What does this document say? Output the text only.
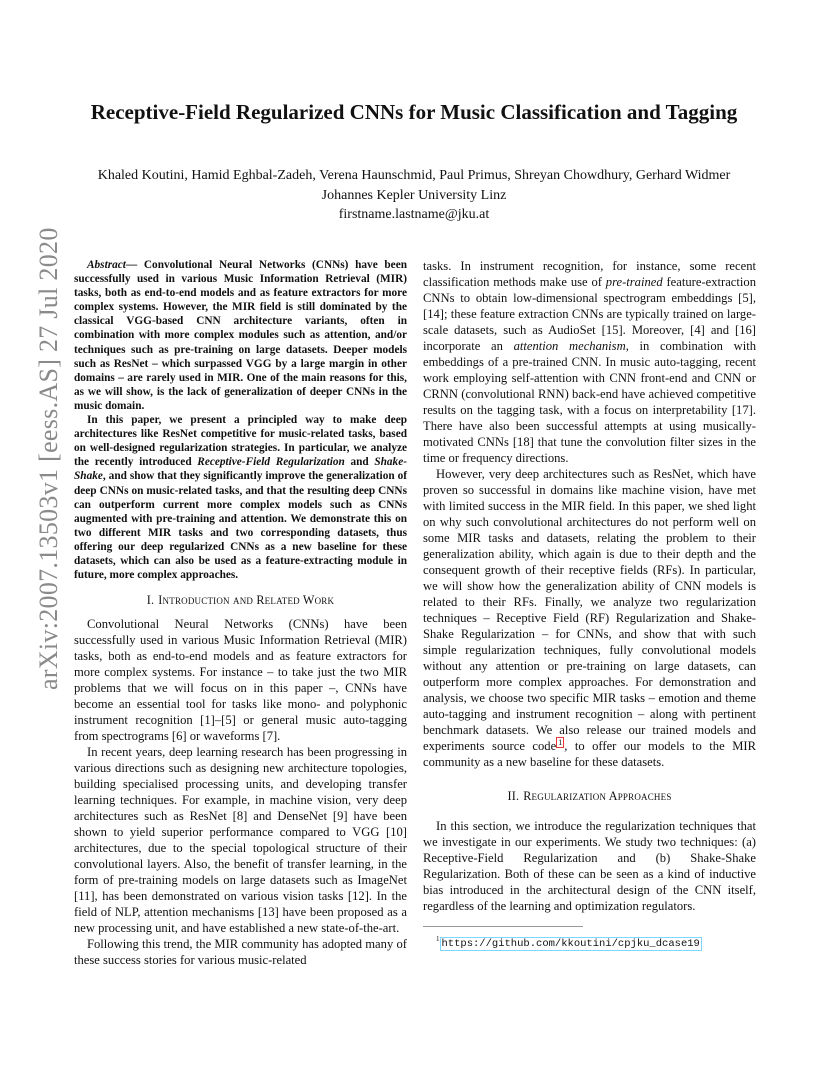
arXiv:2007.13503v1 [eess.AS] 27 Jul 2020
Receptive-Field Regularized CNNs for Music Classification and Tagging
Khaled Koutini, Hamid Eghbal-Zadeh, Verena Haunschmid, Paul Primus, Shreyan Chowdhury, Gerhard Widmer
Johannes Kepler University Linz
firstname.lastname@jku.at

Abstract— Convolutional Neural Networks (CNNs) have been successfully used in various Music Information Retrieval (MIR) tasks, both as end-to-end models and as feature extractors for more complex systems. However, the MIR field is still dominated by the classical VGG-based CNN architecture variants, often in combination with more complex modules such as attention, and/or techniques such as pre-training on large datasets. Deeper models such as ResNet – which surpassed VGG by a large margin in other domains – are rarely used in MIR. One of the main reasons for this, as we will show, is the lack of generalization of deeper CNNs in the music domain.

In this paper, we present a principled way to make deep architectures like ResNet competitive for music-related tasks, based on well-designed regularization strategies. In particular, we analyze the recently introduced Receptive-Field Regularization and Shake-Shake, and show that they significantly improve the generalization of deep CNNs on music-related tasks, and that the resulting deep CNNs can outperform current more complex models such as CNNs augmented with pre-training and attention. We demonstrate this on two different MIR tasks and two corresponding datasets, thus offering our deep regularized CNNs as a new baseline for these datasets, which can also be used as a feature-extracting module in future, more complex approaches.

I. Introduction and Related Work

Convolutional Neural Networks (CNNs) have been successfully used in various Music Information Retrieval (MIR) tasks, both as end-to-end models and as feature extractors for more complex systems. For instance – to take just the two MIR problems that we will focus on in this paper –, CNNs have become an essential tool for tasks like mono- and polyphonic instrument recognition [1]–[5] or general music auto-tagging from spectrograms [6] or waveforms [7].

In recent years, deep learning research has been progressing in various directions such as designing new architecture topologies, building specialised processing units, and developing transfer learning techniques. For example, in machine vision, very deep architectures such as ResNet [8] and DenseNet [9] have been shown to yield superior performance compared to VGG [10] architectures, due to the special topological structure of their convolutional layers. Also, the benefit of transfer learning, in the form of pre-training models on large datasets such as ImageNet [11], has been demonstrated on various vision tasks [12]. In the field of NLP, attention mechanisms [13] have been proposed as a new processing unit, and have established a new state-of-the-art.

Following this trend, the MIR community has adopted many of these success stories for various music-related

tasks. In instrument recognition, for instance, some recent classification methods make use of pre-trained feature-extraction CNNs to obtain low-dimensional spectrogram embeddings [5], [14]; these feature extraction CNNs are typically trained on large-scale datasets, such as AudioSet [15]. Moreover, [4] and [16] incorporate an attention mechanism, in combination with embeddings of a pre-trained CNN. In music auto-tagging, recent work employing self-attention with CNN front-end and CNN or CRNN (convolutional RNN) back-end have achieved competitive results on the tagging task, with a focus on interpretability [17]. There have also been successful attempts at using musically-motivated CNNs [18] that tune the convolution filter sizes in the time or frequency directions.

However, very deep architectures such as ResNet, which have proven so successful in domains like machine vision, have met with limited success in the MIR field. In this paper, we shed light on why such convolutional architectures do not perform well on some MIR tasks and datasets, relating the problem to their generalization ability, which again is due to their depth and the consequent growth of their receptive fields (RFs). In particular, we will show how the generalization ability of CNN models is related to their RFs. Finally, we analyze two regularization techniques – Receptive Field (RF) Regularization and Shake-Shake Regularization – for CNNs, and show that with such simple regularization techniques, fully convolutional models without any attention or pre-training on large datasets, can outperform more complex approaches. For demonstration and analysis, we choose two specific MIR tasks – emotion and theme auto-tagging and instrument recognition – along with pertinent benchmark datasets. We also release our trained models and experiments source code $^1$ , to offer our models to the MIR community as a new baseline for these datasets.

II. Regularization Approaches

In this section, we introduce the regularization techniques that we investigate in our experiments. We study two techniques: (a) Receptive-Field Regularization and (b) Shake-Shake Regularization. Both of these can be seen as a kind of inductive bias introduced in the architectural design of the CNN itself, regardless of the learning and optimization regulators.

$^1$ https://github.com/kkoutini/cpjku_dcase19
